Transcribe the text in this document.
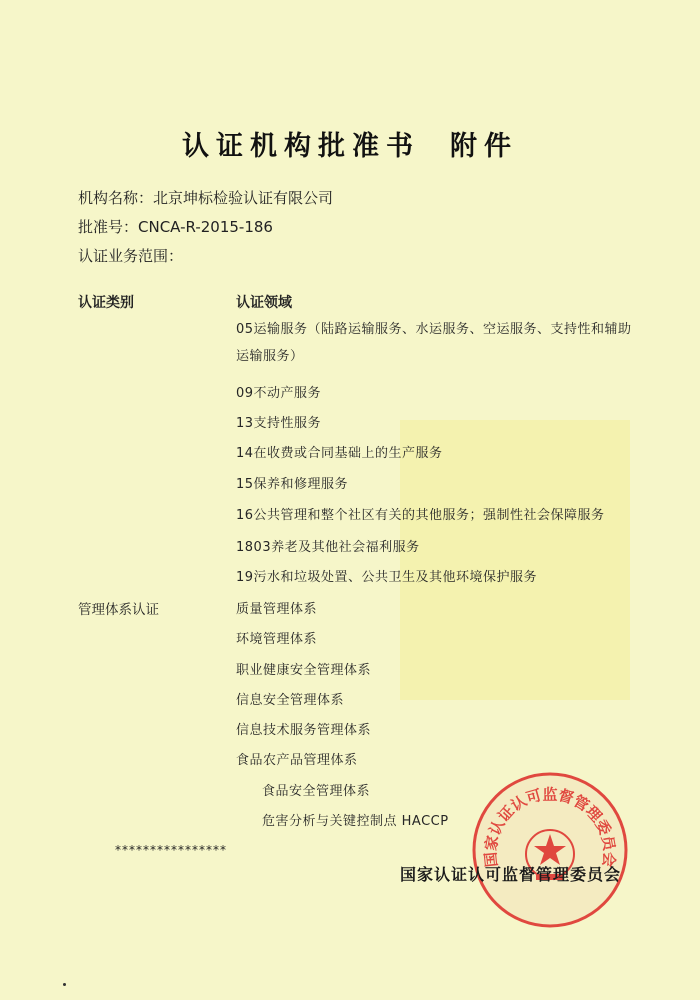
认证机构批准书 附件
机构名称：北京坤标检验认证有限公司
批准号：CNCA-R-2015-186
认证业务范围：
认证类别	认证领域
05运输服务（陆路运输服务、水运服务、空运服务、支持性和辅助运输服务）
09不动产服务
13支持性服务
14在收费或合同基础上的生产服务
15保养和修理服务
16公共管理和整个社区有关的其他服务；强制性社会保障服务
1803养老及其他社会福利服务
19污水和垃圾处置、公共卫生及其他环境保护服务
管理体系认证	质量管理体系
环境管理体系
职业健康安全管理体系
信息安全管理体系
信息技术服务管理体系
食品农产品管理体系
食品安全管理体系
危害分析与关键控制点 HACCP
****************
国家认证认可监督管理委员会
国家认证认可监督管理委员会
